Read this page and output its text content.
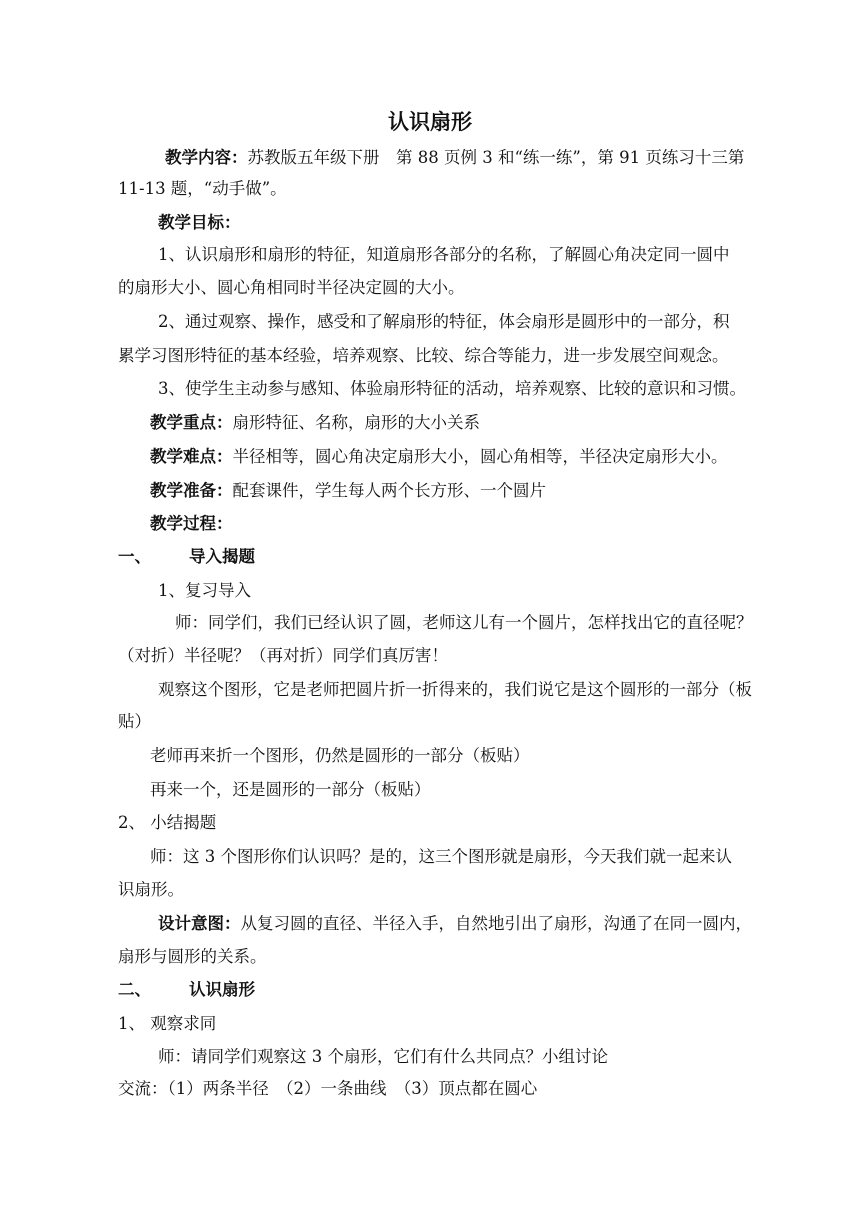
认识扇形
教学内容：苏教版五年级下册　第 88 页例 3 和“练一练”，第 91 页练习十三第
11-13 题，“动手做”。
教学目标：
1、认识扇形和扇形的特征，知道扇形各部分的名称，了解圆心角决定同一圆中
的扇形大小、圆心角相同时半径决定圆的大小。
2、通过观察、操作，感受和了解扇形的特征，体会扇形是圆形中的一部分，积
累学习图形特征的基本经验，培养观察、比较、综合等能力，进一步发展空间观念。
3、使学生主动参与感知、体验扇形特征的活动，培养观察、比较的意识和习惯。
教学重点：扇形特征、名称，扇形的大小关系
教学难点：半径相等，圆心角决定扇形大小，圆心角相等，半径决定扇形大小。
教学准备：配套课件，学生每人两个长方形、一个圆片
教学过程：
一、 导入揭题
1、复习导入
师：同学们，我们已经认识了圆，老师这儿有一个圆片，怎样找出它的直径呢？
（对折）半径呢？（再对折）同学们真厉害！
观察这个图形，它是老师把圆片折一折得来的，我们说它是这个圆形的一部分（板
贴）
老师再来折一个图形，仍然是圆形的一部分（板贴）
再来一个，还是圆形的一部分（板贴）
2、 小结揭题
师：这 3 个图形你们认识吗？是的，这三个图形就是扇形，今天我们就一起来认
识扇形。
设计意图：从复习圆的直径、半径入手，自然地引出了扇形，沟通了在同一圆内，
扇形与圆形的关系。
二、 认识扇形
1、 观察求同
师：请同学们观察这 3 个扇形，它们有什么共同点？小组讨论
交流：（1）两条半径　（2）一条曲线　（3）顶点都在圆心
